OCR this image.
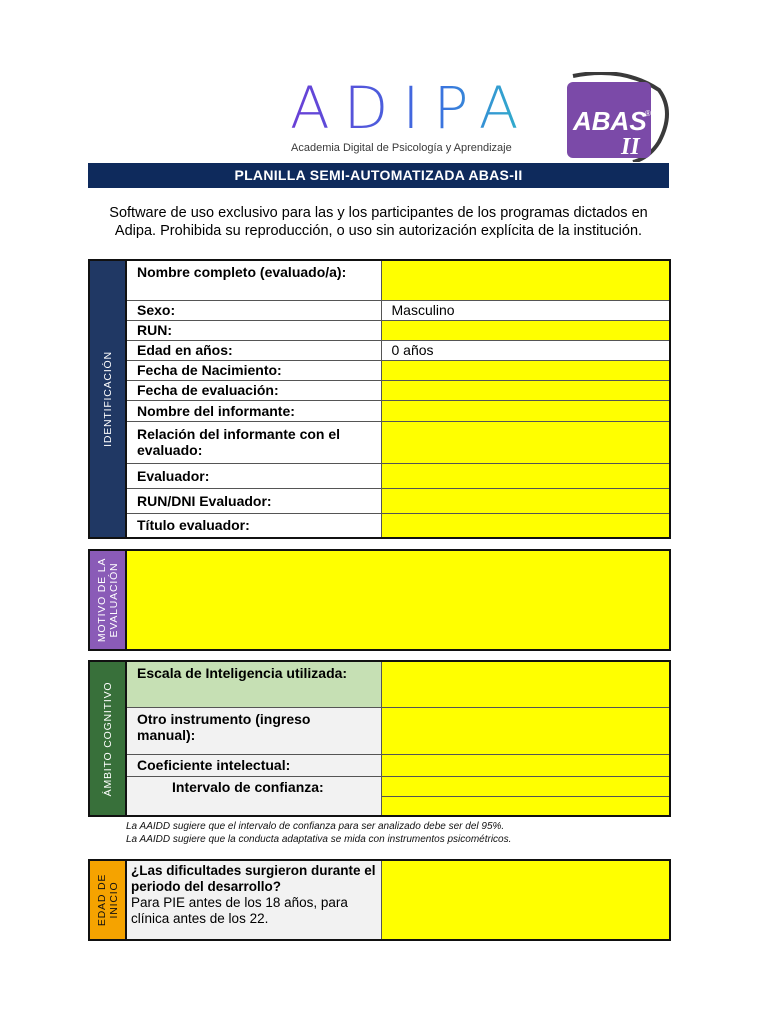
ADIPA
Academia Digital de Psicología y Aprendizaje
ABAS
®
II
PLANILLA SEMI-AUTOMATIZADA ABAS-II
Software de uso exclusivo para las y los participantes de los programas dictados en Adipa. Prohibida su reproducción, o uso sin autorización explícita de la institución.
IDENTIFICACIÓN	Nombre completo (evaluado/a):	
	Sexo:	Masculino
	RUN:	
	Edad en años:	0 años
	Fecha de Nacimiento:	
	Fecha de evaluación:	
	Nombre del informante:	
	Relación del informante con el evaluado:	
	Evaluador:	
	RUN/DNI Evaluador:	
	Título evaluador:	
MOTIVO DE LA EVALUACIÓN

ÁMBITO COGNITIVO	Escala de Inteligencia utilizada:	
	Otro instrumento (ingreso manual):	
	Coeficiente intelectual:	
	Intervalo de confianza:	

La AAIDD sugiere que el intervalo de confianza para ser analizado debe ser del 95%.
La AAIDD sugiere que la conducta adaptativa se mida con instrumentos psicométricos.
EDAD DE INICIO

¿Las dificultades surgieron durante el periodo del desarrollo?
Para PIE antes de los 18 años, para clínica antes de los 22.
